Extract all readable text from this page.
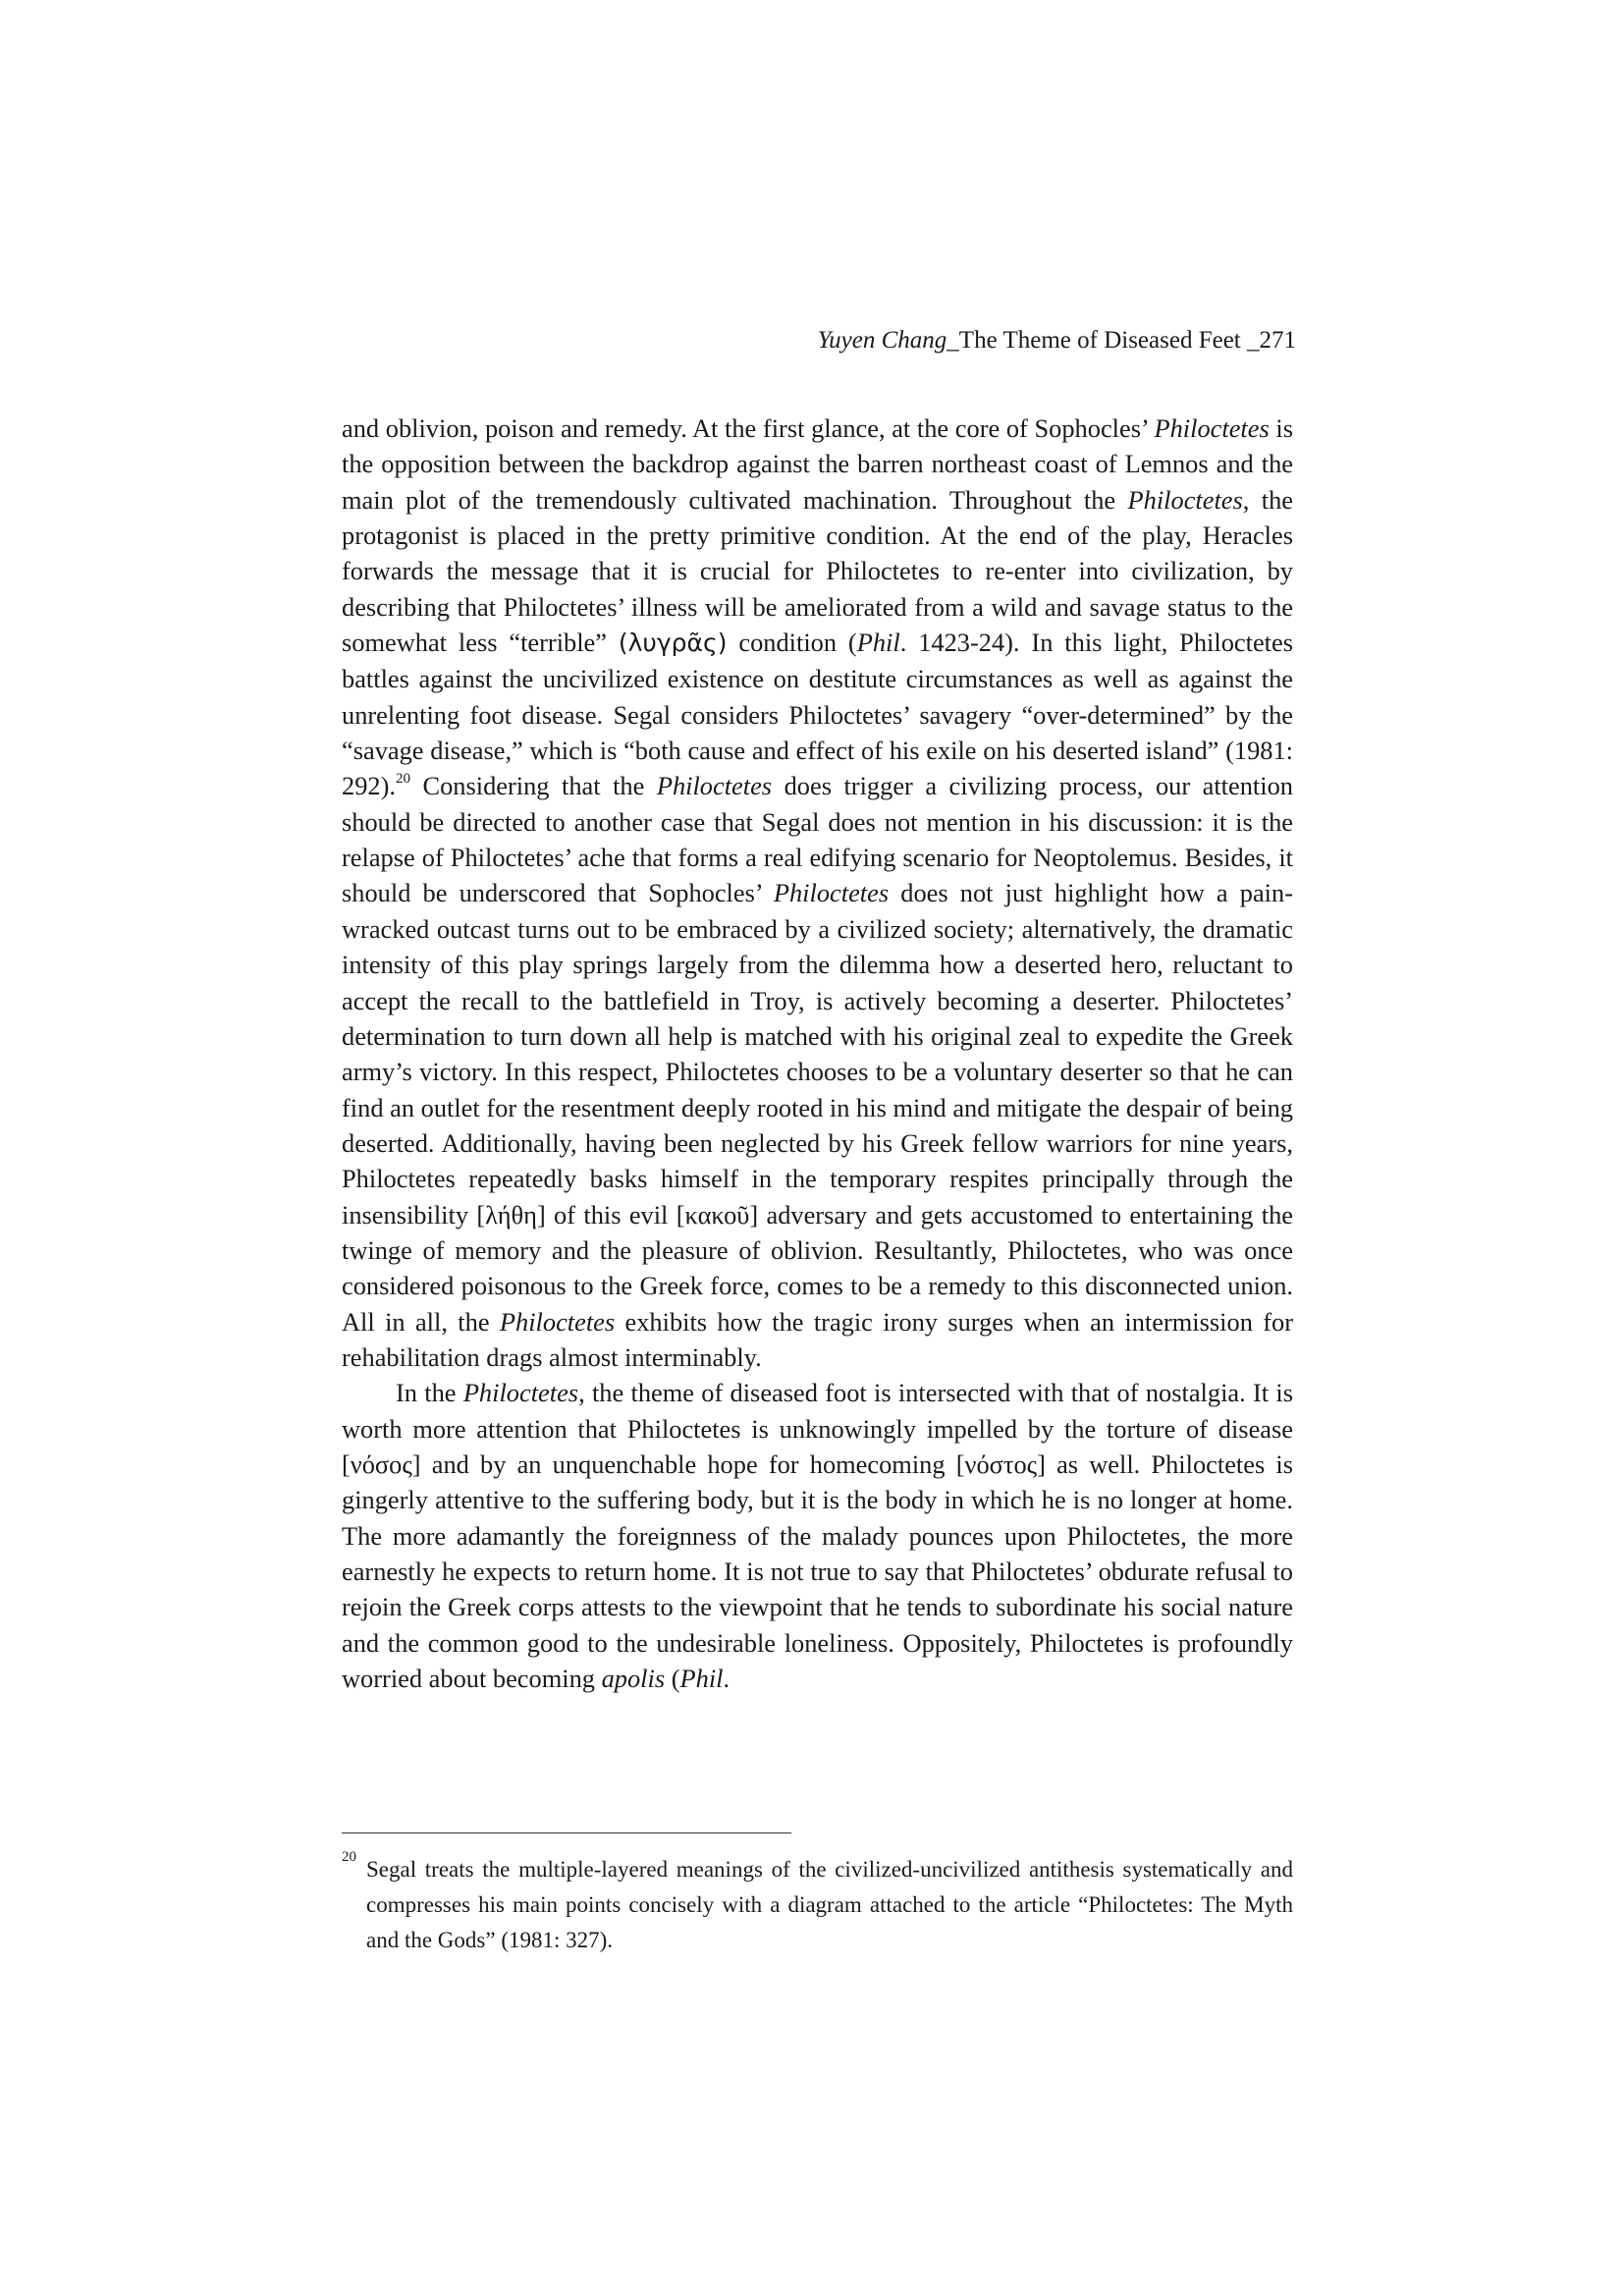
Yuyen Chang_The Theme of Diseased Feet _271

and oblivion, poison and remedy. At the first glance, at the core of Sophocles’ Philoctetes is the opposition between the backdrop against the barren northeast coast of Lemnos and the main plot of the tremendously cultivated machination. Throughout the Philoctetes, the protagonist is placed in the pretty primitive condition. At the end of the play, Heracles forwards the message that it is crucial for Philoctetes to re-enter into civilization, by describing that Philoctetes’ illness will be ameliorated from a wild and savage status to the somewhat less “terrible” (λυγρᾶς) condition (Phil. 1423-24). In this light, Philoctetes battles against the uncivilized existence on destitute circumstances as well as against the unrelenting foot disease. Segal considers Philoctetes’ savagery “over-determined” by the “savage disease,” which is “both cause and effect of his exile on his deserted island” (1981: 292).$^{20}$ Considering that the Philoctetes does trigger a civilizing process, our attention should be directed to another case that Segal does not mention in his discussion: it is the relapse of Philoctetes’ ache that forms a real edifying scenario for Neoptolemus. Besides, it should be underscored that Sophocles’ Philoctetes does not just highlight how a pain-wracked outcast turns out to be embraced by a civilized society; alternatively, the dramatic intensity of this play springs largely from the dilemma how a deserted hero, reluctant to accept the recall to the battlefield in Troy, is actively becoming a deserter. Philoctetes’ determination to turn down all help is matched with his original zeal to expedite the Greek army’s victory. In this respect, Philoctetes chooses to be a voluntary deserter so that he can find an outlet for the resentment deeply rooted in his mind and mitigate the despair of being deserted. Additionally, having been neglected by his Greek fellow warriors for nine years, Philoctetes repeatedly basks himself in the temporary respites principally through the insensibility [λήθη] of this evil [κακοῦ] adversary and gets accustomed to entertaining the twinge of memory and the pleasure of oblivion. Resultantly, Philoctetes, who was once considered poisonous to the Greek force, comes to be a remedy to this disconnected union. All in all, the Philoctetes exhibits how the tragic irony surges when an intermission for rehabilitation drags almost interminably.

In the Philoctetes, the theme of diseased foot is intersected with that of nostalgia. It is worth more attention that Philoctetes is unknowingly impelled by the torture of disease [νόσος] and by an unquenchable hope for homecoming [νόστος] as well. Philoctetes is gingerly attentive to the suffering body, but it is the body in which he is no longer at home. The more adamantly the foreignness of the malady pounces upon Philoctetes, the more earnestly he expects to return home. It is not true to say that Philoctetes’ obdurate refusal to rejoin the Greek corps attests to the viewpoint that he tends to subordinate his social nature and the common good to the undesirable loneliness. Oppositely, Philoctetes is profoundly worried about becoming apolis (Phil.

20 Segal treats the multiple-layered meanings of the civilized-uncivilized antithesis systematically and compresses his main points concisely with a diagram attached to the article “Philoctetes: The Myth and the Gods” (1981: 327).
